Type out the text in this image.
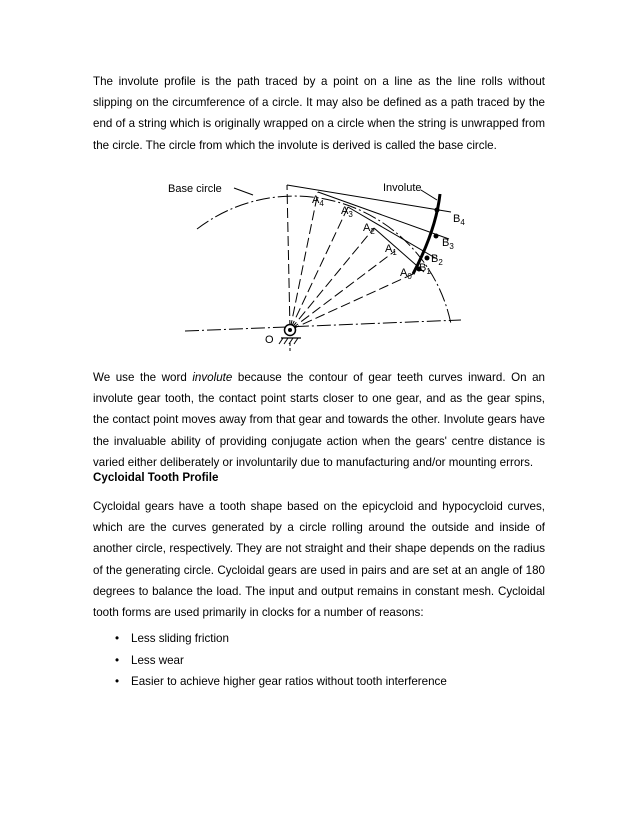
The involute profile is the path traced by a point on a line as the line rolls without slipping on the circumference of a circle. It may also be defined as a path traced by the end of a string which is originally wrapped on a circle when the string is unwrapped from the circle. The circle from which the involute is derived is called the base circle.

Base circle	Involute
$A_4$
$A_3$
$A_2$
$A_1$
$A_0$
$B_4$
$B_3$
$B_2$
$B_1$
O

We use the word involute because the contour of gear teeth curves inward. On an involute gear tooth, the contact point starts closer to one gear, and as the gear spins, the contact point moves away from that gear and towards the other. Involute gears have the invaluable ability of providing conjugate action when the gears' centre distance is varied either deliberately or involuntarily due to manufacturing and/or mounting errors.

Cycloidal Tooth Profile

Cycloidal gears have a tooth shape based on the epicycloid and hypocycloid curves, which are the curves generated by a circle rolling around the outside and inside of another circle, respectively. They are not straight and their shape depends on the radius of the generating circle. Cycloidal gears are used in pairs and are set at an angle of 180 degrees to balance the load. The input and output remains in constant mesh. Cycloidal tooth forms are used primarily in clocks for a number of reasons:

• Less sliding friction
• Less wear
• Easier to achieve higher gear ratios without tooth interference
